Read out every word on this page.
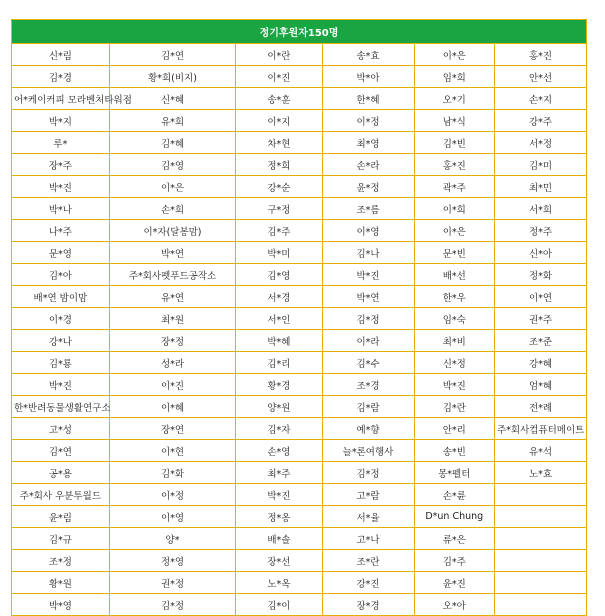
정기후원자150명					
신*림	김*연	이*란	송*효	이*은	홍*진
김*경	황*희(비지)	이*진	박*아	임*희	안*선
어*케이커피 모라벤처타워점	신*혜	송*훈	한*혜	오*기	손*지
박*지	유*희	이*지	이*정	남*식	강*주
루*	김*혜	차*현	최*영	김*빈	서*정
장*주	김*영	정*희	손*라	홍*진	김*미
박*진	이*은	강*순	윤*정	곽*주	최*민
박*나	손*희	구*정	조*름	이*희	서*희
나*주	이*자(달봉맘)	김*주	이*영	이*은	정*주
문*영	박*연	박*미	김*나	문*빈	신*아
김*아	주*회사펫푸드공작소	김*영	박*진	배*선	정*화
배*연 밤이맘	유*연	서*경	박*연	한*우	이*연
이*경	최*원	서*인	김*정	임*숙	권*주
강*나	장*정	박*혜	이*라	최*비	조*준
김*룡	성*라	김*리	김*수	신*정	강*혜
박*진	이*진	황*경	조*경	박*진	엄*혜
한*반려동물생활연구소	이*혜	양*원	김*람	김*란	전*례
고*성	장*연	김*자	예*향	안*리	주*회사컴퓨터메이트
김*연	이*현	손*영	늘*론여행사	송*빈	유*석
공*용	김*화	최*주	김*정	몽*펠터	노*효
주*회사 우분투월드	이*정	박*진	고*람	손*륜	
윤*림	이*영	정*옹	서*율	D*un Chung	
김*규	양*	배*솔	고*나	류*은	
조*정	정*영	장*선	조*란	김*주	
황*원	권*정	노*옥	강*진	윤*진	
박*영	김*정	김*이	장*경	오*아	
